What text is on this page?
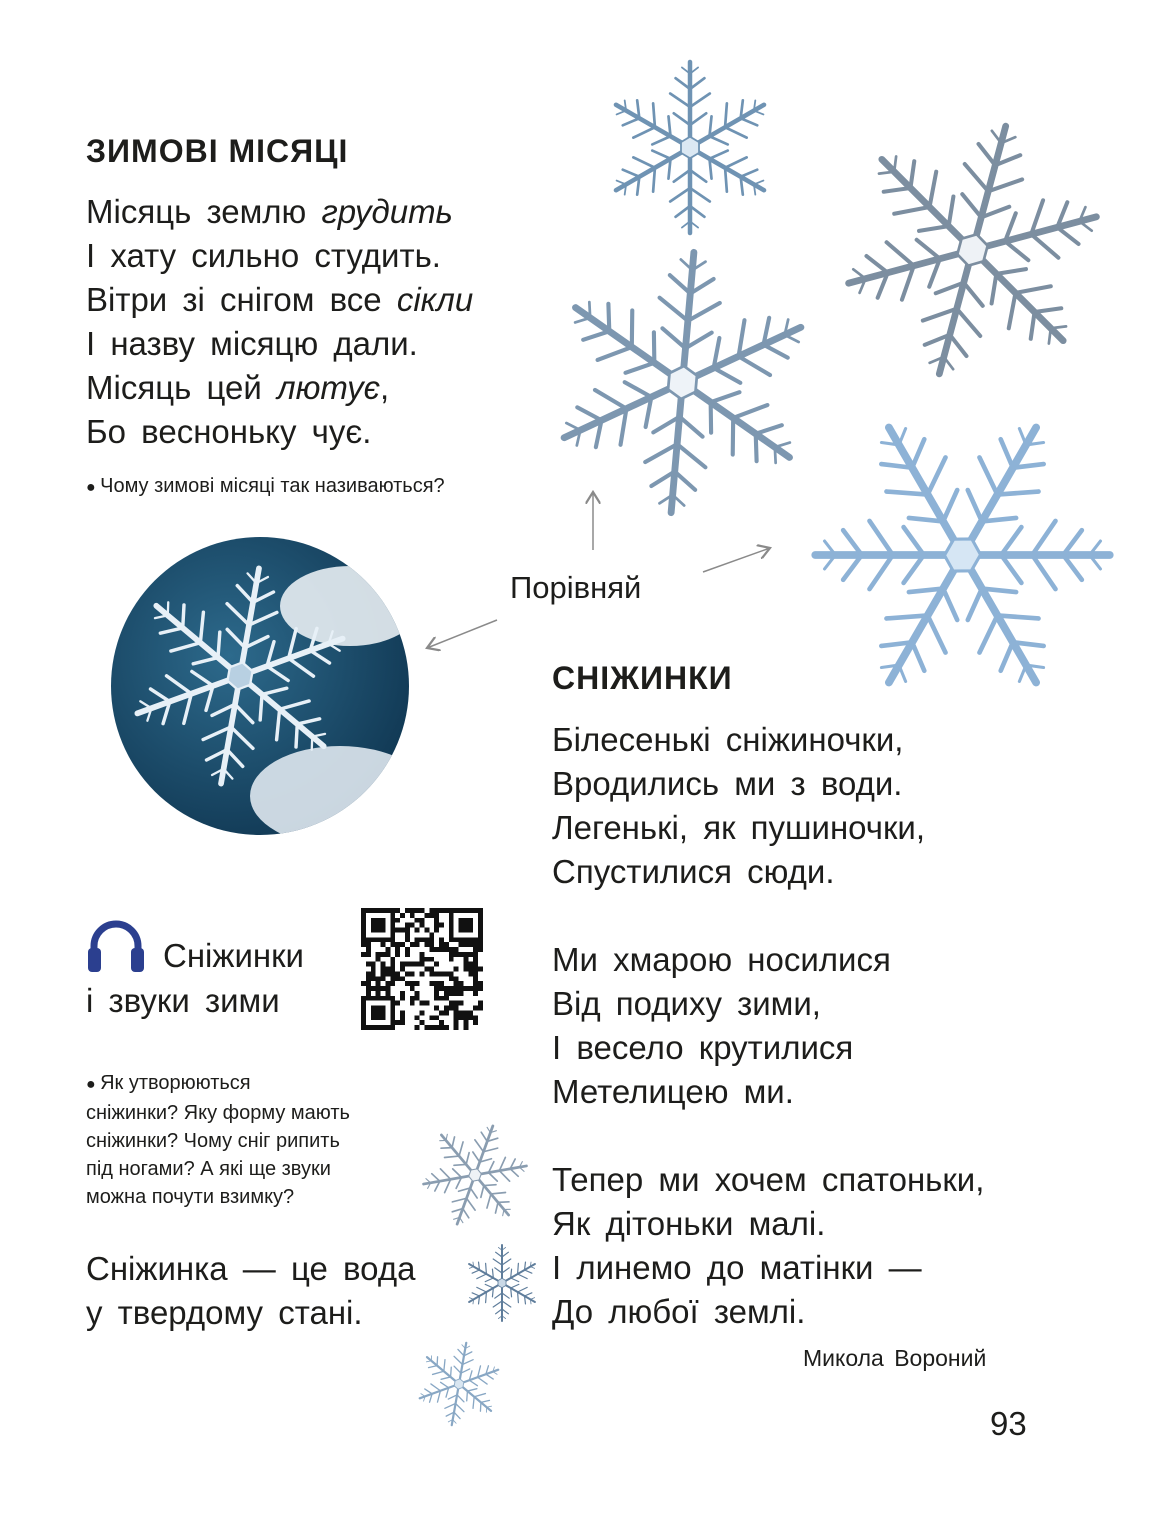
ЗИМОВІ МІСЯЦІ
Місяць землю грудить
І хату сильно студить.
Вітри зі снігом все сікли
І назву місяцю дали.
Місяць цей лютує,
Бо весноньку чує.
● Чому зимові місяці так називаються?
Порівняй
СНІЖИНКИ
Білесенькі сніжиночки,
Вродились ми з води.
Легенькі, як пушиночки,
Спустилися сюди.
Ми хмарою носилися
Від подиху зими,
І весело крутилися
Метелицею ми.
Тепер ми хочем спатоньки,
Як дітоньки малі.
І линемо до матінки —
До любої землі.
Микола Вороний
Сніжинки
і звуки зими
● Як утворюються
сніжинки? Яку форму мають
сніжинки? Чому сніг рипить
під ногами? А які ще звуки
можна почути взимку?
Сніжинка — це вода
у твердому стані.
93
